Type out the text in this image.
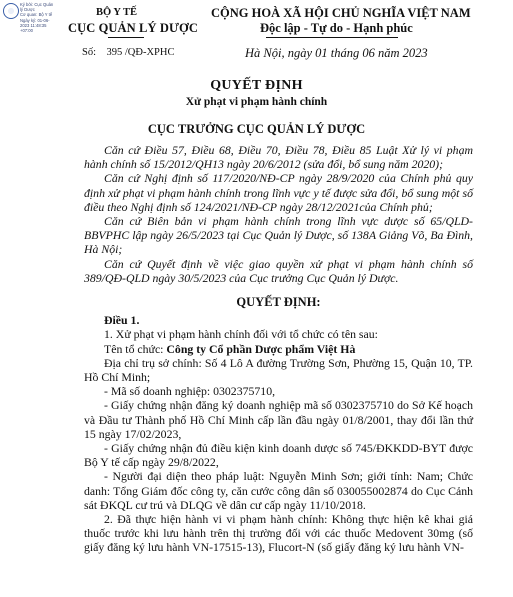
Ký bởi: Cục Quản
lý Dược
Cơ quan: Bộ Y tế
Ngày ký: 01-06-
2023 11:48:35
+07:00
BỘ Y TẾ
CỤC QUẢN LÝ DƯỢC
CỘNG HOÀ XÃ HỘI CHỦ NGHĨA VIỆT NAM
Độc lập - Tự do - Hạnh phúc
Số: 395 /QĐ-XPHC	Hà Nội, ngày 01 tháng 06 năm 2023
QUYẾT ĐỊNH
Xử phạt vi phạm hành chính
CỤC TRƯỞNG CỤC QUẢN LÝ DƯỢC

Căn cứ Điều 57, Điều 68, Điều 70, Điều 78, Điều 85 Luật Xử lý vi phạm hành chính số 15/2012/QH13 ngày 20/6/2012 (sửa đổi, bổ sung năm 2020);

Căn cứ Nghị định số 117/2020/NĐ-CP ngày 28/9/2020 của Chính phủ quy định xử phạt vi phạm hành chính trong lĩnh vực y tế được sửa đổi, bổ sung một số điều theo Nghị định số 124/2021/NĐ-CP ngày 28/12/2021của Chính phủ;

Căn cứ Biên bản vi phạm hành chính trong lĩnh vực dược số 65/QLD-BBVPHC lập ngày 26/5/2023 tại Cục Quản lý Dược, số 138A Giảng Võ, Ba Đình, Hà Nội;

Căn cứ Quyết định về việc giao quyền xử phạt vi phạm hành chính số 389/QĐ-QLD ngày 30/5/2023 của Cục trưởng Cục Quản lý Dược.

QUYẾT ĐỊNH:

Điều 1.

1. Xử phạt vi phạm hành chính đối với tổ chức có tên sau:

Tên tổ chức: Công ty Cổ phần Dược phẩm Việt Hà

Địa chỉ trụ sở chính: Số 4 Lô A đường Trường Sơn, Phường 15, Quận 10, TP. Hồ Chí Minh;

- Mã số doanh nghiệp: 0302375710,

- Giấy chứng nhận đăng ký doanh nghiệp mã số 0302375710 do Sở Kế hoạch và Đầu tư Thành phố Hồ Chí Minh cấp lần đầu ngày 01/8/2001, thay đổi lần thứ 15 ngày 17/02/2023,

- Giấy chứng nhận đủ điều kiện kinh doanh dược số 745/ĐKKDD-BYT được Bộ Y tế cấp ngày 29/8/2022,

- Người đại diện theo pháp luật: Nguyễn Minh Sơn; giới tính: Nam; Chức danh: Tổng Giám đốc công ty, căn cước công dân số 030055002874 do Cục Cảnh sát ĐKQL cư trú và DLQG về dân cư cấp ngày 11/10/2018.

2. Đã thực hiện hành vi vi phạm hành chính: Không thực hiện kê khai giá thuốc trước khi lưu hành trên thị trường đối với các thuốc Medovent 30mg (số giấy đăng ký lưu hành VN-17515-13), Flucort-N (số giấy đăng ký lưu hành VN-
